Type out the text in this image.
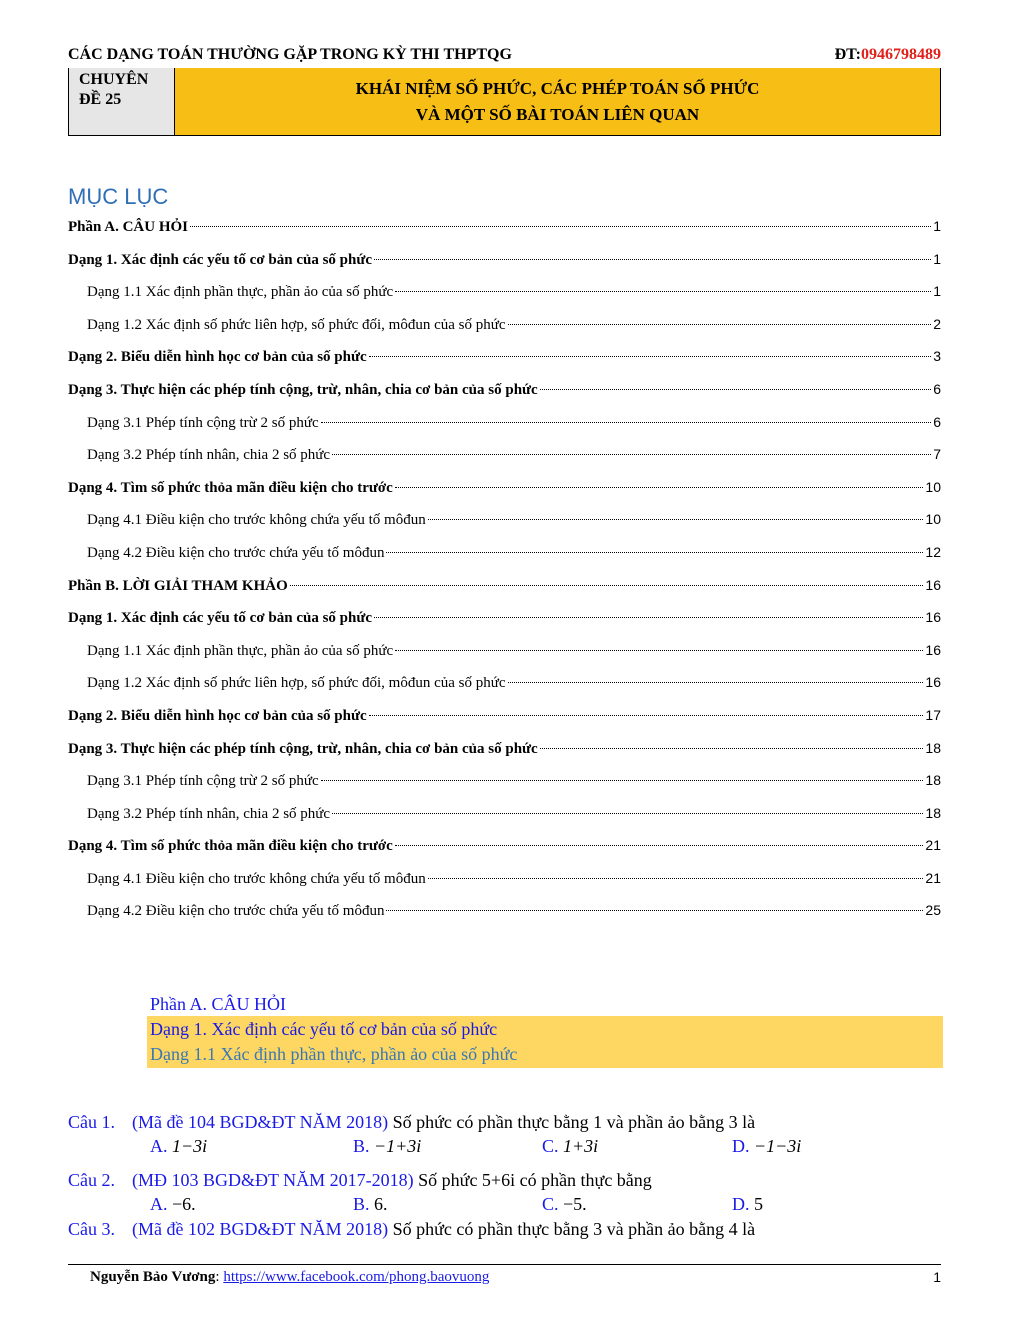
CÁC DẠNG TOÁN THƯỜNG GẶP TRONG KỲ THI THPTQG	ĐT:0946798489
CHUYÊN
ĐỀ 25
KHÁI NIỆM SỐ PHỨC, CÁC PHÉP TOÁN SỐ PHỨC
VÀ MỘT SỐ BÀI TOÁN LIÊN QUAN
MỤC LỤC
Phần A. CÂU HỎI	1
Dạng 1. Xác định các yếu tố cơ bản của số phức	1
Dạng 1.1 Xác định phần thực, phần ảo của số phức	1
Dạng 1.2 Xác định số phức liên hợp, số phức đối, môđun của số phức	2
Dạng 2. Biểu diễn hình học cơ bản của số phức	3
Dạng 3. Thực hiện các phép tính cộng, trừ, nhân, chia cơ bản của số phức	6
Dạng 3.1 Phép tính cộng trừ 2 số phức	6
Dạng 3.2 Phép tính nhân, chia 2 số phức	7
Dạng 4. Tìm số phức thỏa mãn điều kiện cho trước	10
Dạng 4.1 Điều kiện cho trước không chứa yếu tố môđun	10
Dạng 4.2 Điều kiện cho trước chứa yếu tố môđun	12
Phần B. LỜI GIẢI THAM KHẢO	16
Dạng 1. Xác định các yếu tố cơ bản của số phức	16
Dạng 1.1 Xác định phần thực, phần ảo của số phức	16
Dạng 1.2 Xác định số phức liên hợp, số phức đối, môđun của số phức	16
Dạng 2. Biểu diễn hình học cơ bản của số phức	17
Dạng 3. Thực hiện các phép tính cộng, trừ, nhân, chia cơ bản của số phức	18
Dạng 3.1 Phép tính cộng trừ 2 số phức	18
Dạng 3.2 Phép tính nhân, chia 2 số phức	18
Dạng 4. Tìm số phức thỏa mãn điều kiện cho trước	21
Dạng 4.1 Điều kiện cho trước không chứa yếu tố môđun	21
Dạng 4.2 Điều kiện cho trước chứa yếu tố môđun	25
Phần A. CÂU HỎI
Dạng 1. Xác định các yếu tố cơ bản của số phức
Dạng 1.1 Xác định phần thực, phần ảo của số phức
Câu 1. (Mã đề 104 BGD&ĐT NĂM 2018) Số phức có phần thực bằng 1 và phần ảo bằng 3 là
A. 1−3i	B. −1+3i	C. 1+3i	D. −1−3i
Câu 2. (MĐ 103 BGD&ĐT NĂM 2017-2018) Số phức 5+6i có phần thực bằng
A. −6.	B. 6.	C. −5.	D. 5
Câu 3. (Mã đề 102 BGD&ĐT NĂM 2018) Số phức có phần thực bằng 3 và phần ảo bằng 4 là
Nguyễn Bảo Vương: https://www.facebook.com/phong.baovuong	1
